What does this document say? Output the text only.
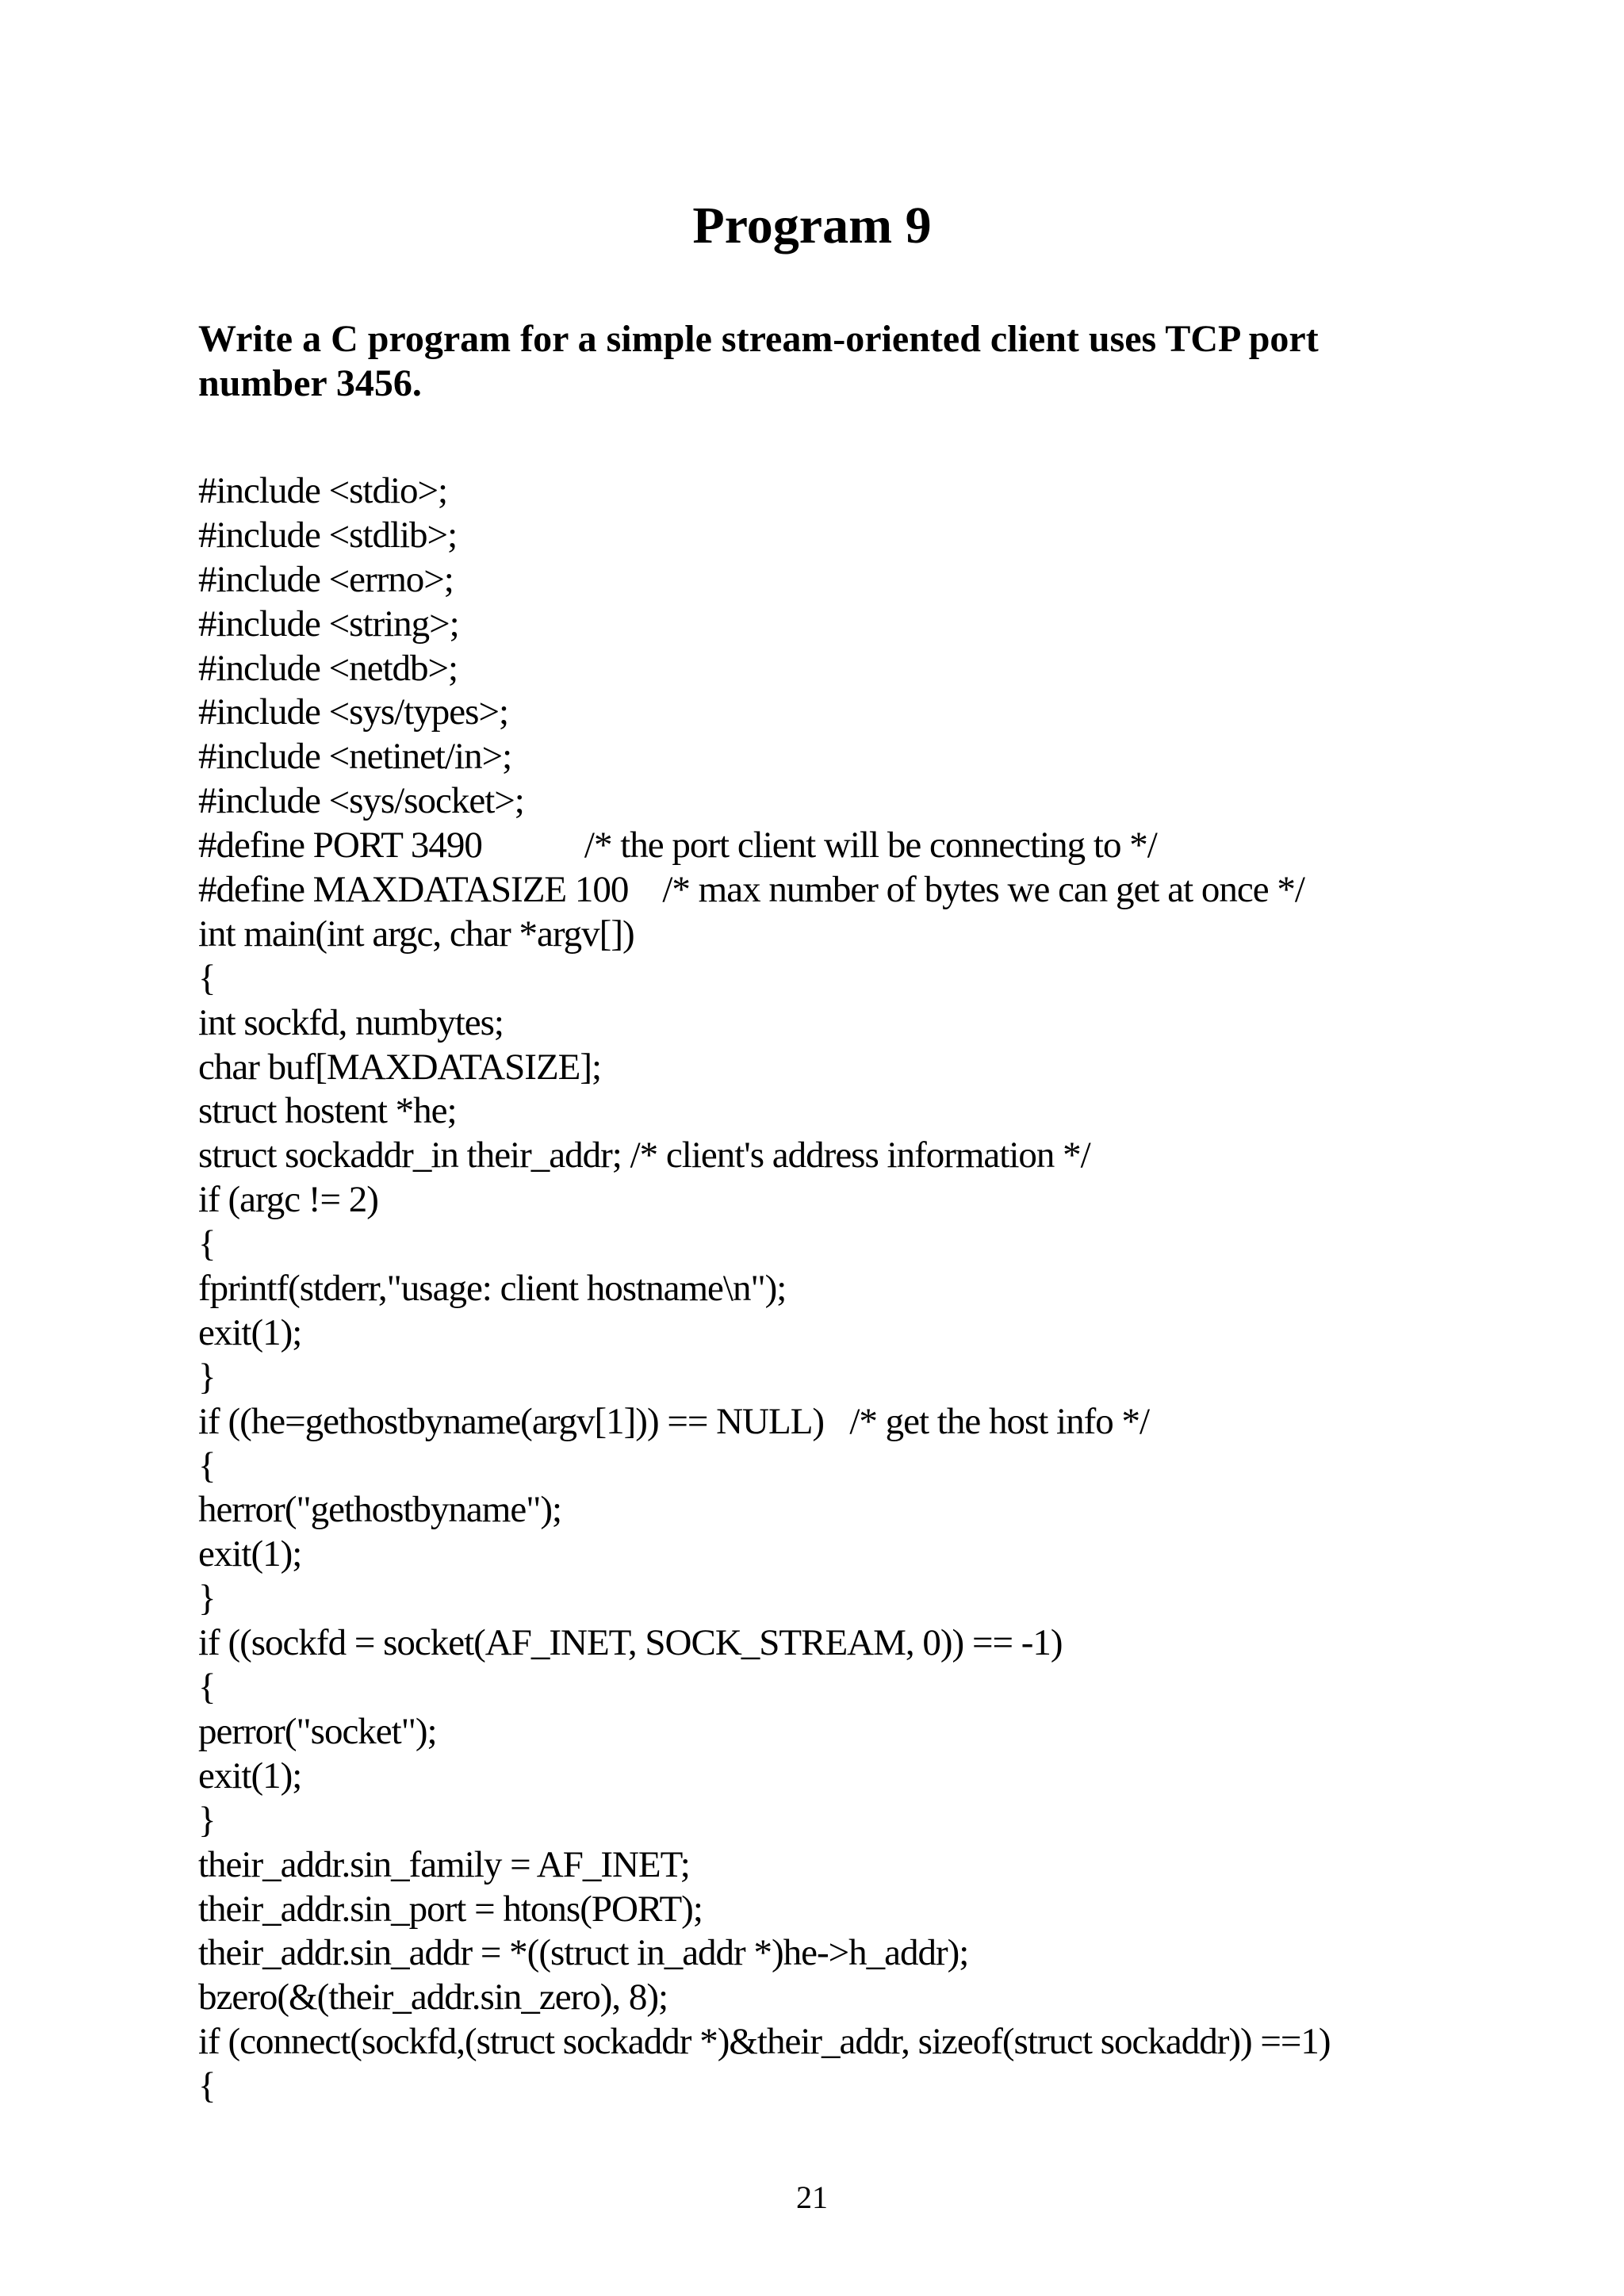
Program 9
Write a C program for a simple stream-oriented client uses TCP port
number 3456.
#include <stdio>;
#include <stdlib>;
#include <errno>;
#include <string>;
#include <netdb>;
#include <sys/types>;
#include <netinet/in>;
#include <sys/socket>;
#define PORT 3490            /* the port client will be connecting to */
#define MAXDATASIZE 100    /* max number of bytes we can get at once */
int main(int argc, char *argv[])
{
int sockfd, numbytes;
char buf[MAXDATASIZE];
struct hostent *he;
struct sockaddr_in their_addr; /* client's address information */
if (argc != 2)
{
fprintf(stderr,"usage: client hostname\n");
exit(1);
}
if ((he=gethostbyname(argv[1])) == NULL)   /* get the host info */
{
herror("gethostbyname");
exit(1);
}
if ((sockfd = socket(AF_INET, SOCK_STREAM, 0)) == -1)
{
perror("socket");
exit(1);
}
their_addr.sin_family = AF_INET;
their_addr.sin_port = htons(PORT);
their_addr.sin_addr = *((struct in_addr *)he->h_addr);
bzero(&(their_addr.sin_zero), 8);
if (connect(sockfd,(struct sockaddr *)&their_addr, sizeof(struct sockaddr)) ==1)
{
21
